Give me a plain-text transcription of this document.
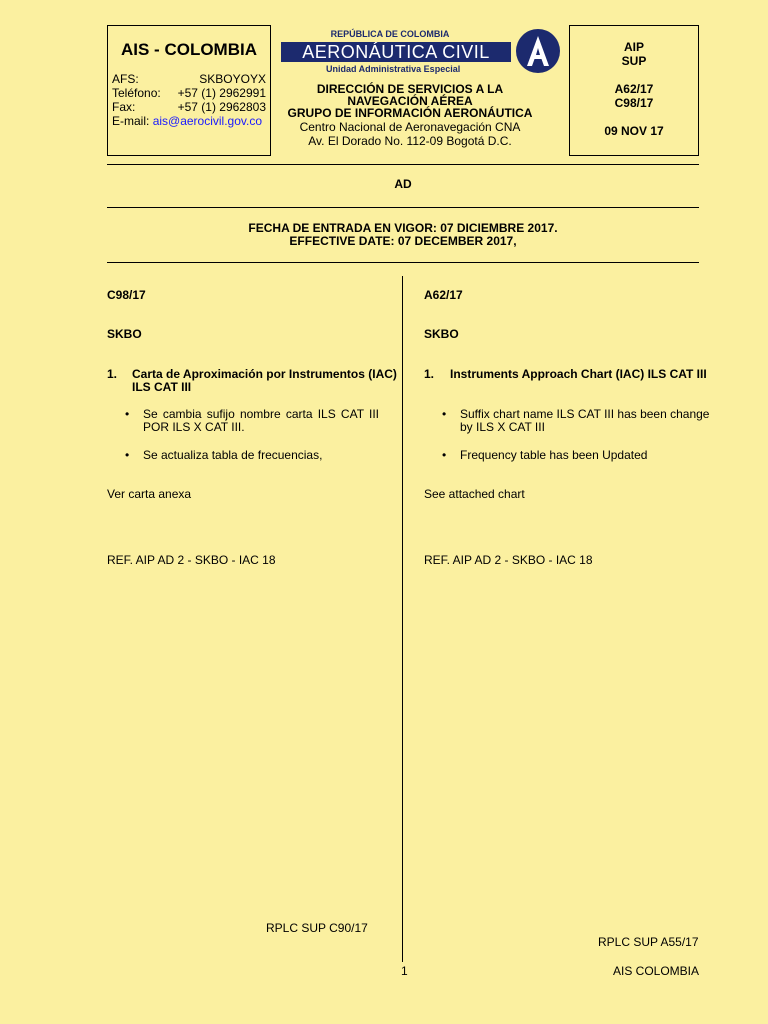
AIS - COLOMBIA
AFS:	SKBOYOYX
Teléfono: +57 (1) 2962991
Fax:	+57 (1) 2962803
E-mail: ais@aerocivil.gov.co
REPÚBLICA DE COLOMBIA
AERONÁUTICA CIVIL
Unidad Administrativa Especial
DIRECCIÓN DE SERVICIOS A LA
NAVEGACIÓN AÉREA
GRUPO DE INFORMACIÓN AERONÁUTICA
Centro Nacional de Aeronavegación CNA
Av. El Dorado No. 112-09 Bogotá D.C.
AIP
SUP
A62/17
C98/17
09 NOV 17
AD
FECHA DE ENTRADA EN VIGOR: 07 DICIEMBRE 2017.
EFFECTIVE DATE: 07 DECEMBER 2017,
C98/17
SKBO
1. Carta de Aproximación por Instrumentos (IAC)
ILS CAT III
• Se cambia sufijo nombre carta ILS CAT III
POR ILS X CAT III.
• Se actualiza tabla de frecuencias,
Ver carta anexa
REF. AIP AD 2 - SKBO - IAC 18
RPLC SUP C90/17
A62/17
SKBO
1. Instruments Approach Chart (IAC) ILS CAT III
• Suffix chart name ILS CAT III has been change
by ILS X CAT III
• Frequency table has been Updated
See attached chart
REF. AIP AD 2 - SKBO - IAC 18
RPLC SUP A55/17
1	AIS COLOMBIA
